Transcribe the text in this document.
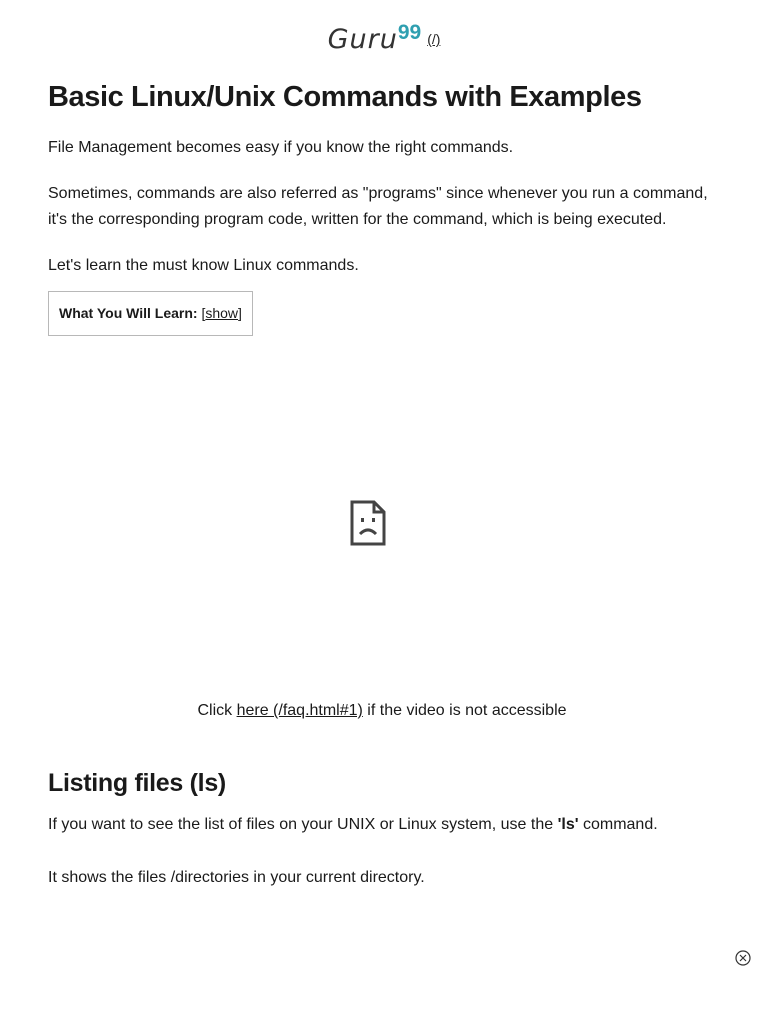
Guru99 (/)
Basic Linux/Unix Commands with Examples

File Management becomes easy if you know the right commands.

Sometimes, commands are also referred as "programs" since whenever you run a command, it's the corresponding program code, written for the command, which is being executed.

Let's learn the must know Linux commands.

What You Will Learn: [show]
Click here (/faq.html#1) if the video is not accessible
Listing files (ls)

If you want to see the list of files on your UNIX or Linux system, use the 'ls' command.

It shows the files /directories in your current directory.
